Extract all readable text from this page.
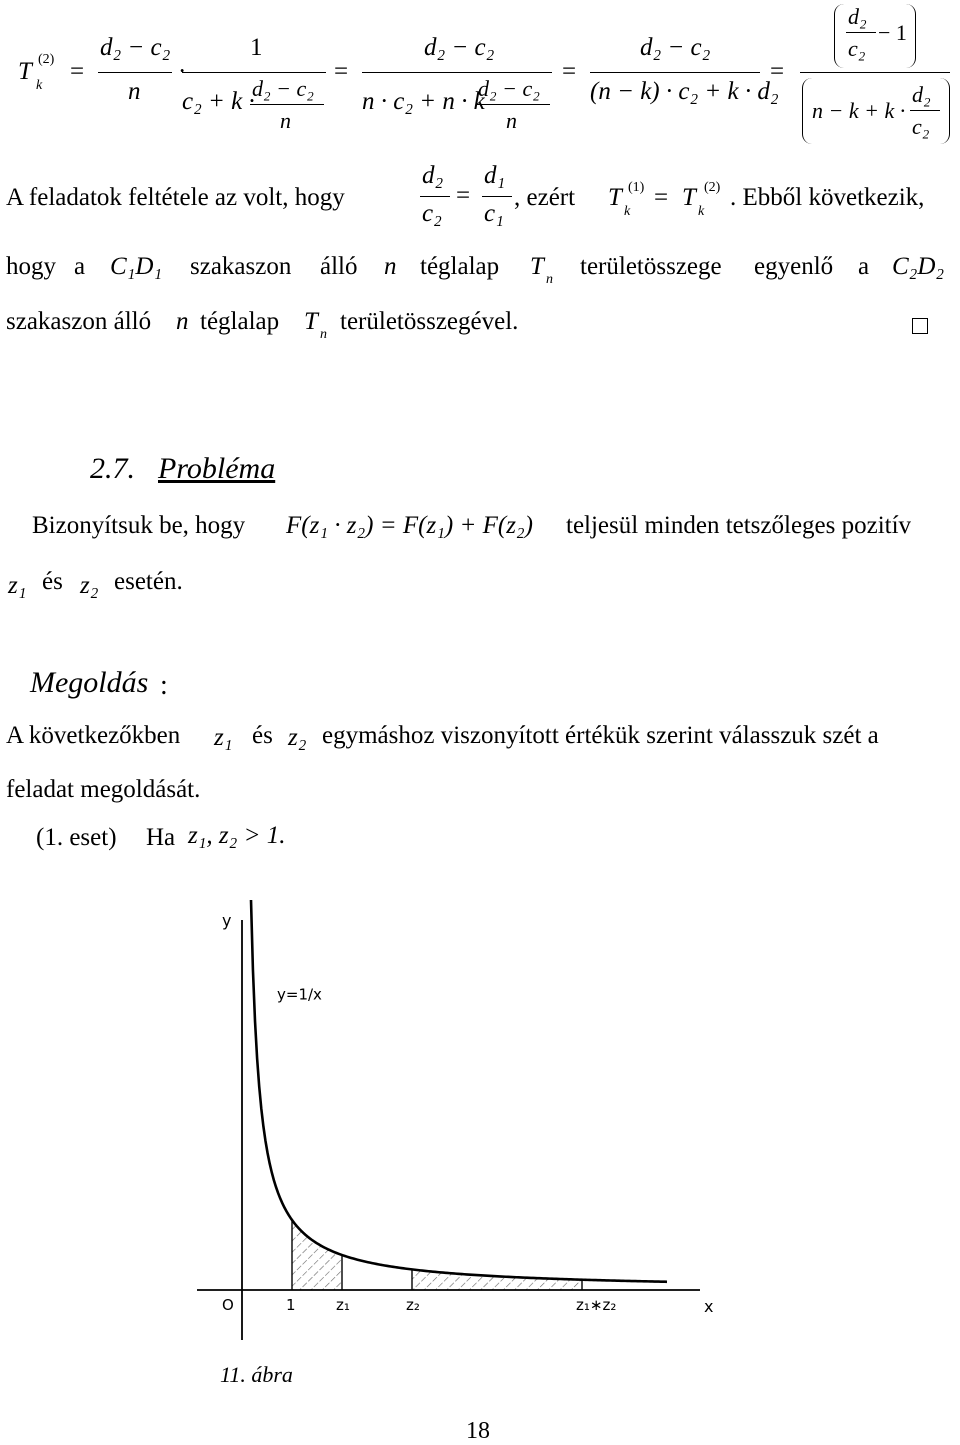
T
k
(2) =
d₂ − c₂
n
·
1
c₂ + k ·
d₂ − c₂
n
=
d₂ − c₂
n · c₂ + n · k
d₂ − c₂
n
=
d₂ − c₂
(n − k) · c₂ + k · d₂
=
d₂
c₂
− 1
n − k + k ·
d₂
c₂
A feladatok feltétele az volt, hogy
d₂
c₂
=
d₁
c₁
, ezért T
k
(1) = T
k
(2) . Ebből következik,
hogy a C₁D₁ szakaszon álló n téglalap T n területösszege egyenlő a C₂D₂
szakaszon álló n téglalap T n területösszegével.
2.7. Probléma
Bizonyítsuk be, hogy F(z₁ · z₂) = F(z₁) + F(z₂) teljesül minden tetszőleges pozitív
z₁ és z₂ esetén.
Megoldás :
A következőkben z₁ és z₂ egymáshoz viszonyított értékük szerint válasszuk szét a
feladat megoldását.
(1. eset) Ha z₁, z₂ > 1.
y
x
y=1/x
O	1	z₁	z₂	z₁∗z₂
11. ábra
18
